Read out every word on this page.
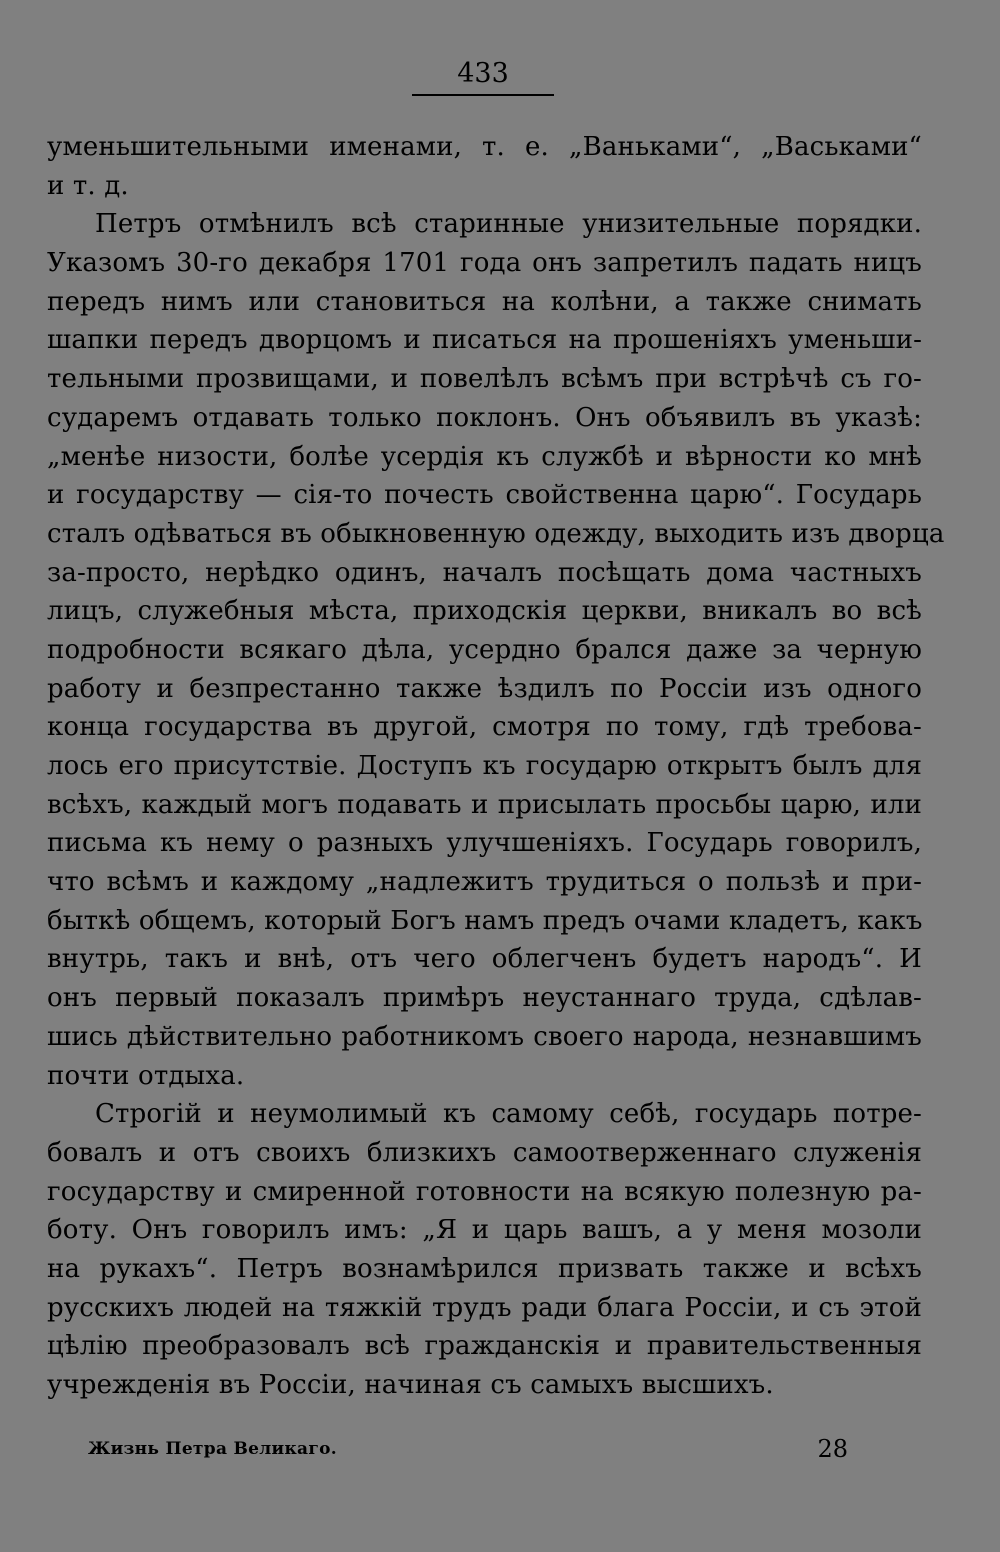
433
уменьшительными именами, т. е. „Ваньками“, „Васьками“
и т. д.
Петръ отмѣнилъ всѣ старинные унизительные порядки.
Указомъ 30-го декабря 1701 года онъ запретилъ падать ницъ
передъ нимъ или становиться на колѣни, а также снимать
шапки передъ дворцомъ и писаться на прошеніяхъ уменьши-
тельными прозвищами, и повелѣлъ всѣмъ при встрѣчѣ съ го-
сударемъ отдавать только поклонъ. Онъ объявилъ въ указѣ:
„менѣе низости, болѣе усердія къ службѣ и вѣрности ко мнѣ
и государству — сія-то почесть свойственна царю“. Государь
сталъ одѣваться въ обыкновенную одежду, выходить изъ дворца
за-просто, нерѣдко одинъ, началъ посѣщать дома частныхъ
лицъ, служебныя мѣста, приходскія церкви, вникалъ во всѣ
подробности всякаго дѣла, усердно брался даже за черную
работу и безпрестанно также ѣздилъ по Россіи изъ одного
конца государства въ другой, смотря по тому, гдѣ требова-
лось его присутствіе. Доступъ къ государю открытъ былъ для
всѣхъ, каждый могъ подавать и присылать просьбы царю, или
письма къ нему о разныхъ улучшеніяхъ. Государь говорилъ,
что всѣмъ и каждому „надлежитъ трудиться о пользѣ и при-
быткѣ общемъ, который Богъ намъ предъ очами кладетъ, какъ
внутрь, такъ и внѣ, отъ чего облегченъ будетъ народъ“. И
онъ первый показалъ примѣръ неустаннаго труда, сдѣлав-
шись дѣйствительно работникомъ своего народа, незнавшимъ
почти отдыха.
Строгій и неумолимый къ самому себѣ, государь потре-
бовалъ и отъ своихъ близкихъ самоотверженнаго служенія
государству и смиренной готовности на всякую полезную ра-
боту. Онъ говорилъ имъ: „Я и царь вашъ, а у меня мозоли
на рукахъ“. Петръ вознамѣрился призвать также и всѣхъ
русскихъ людей на тяжкій трудъ ради блага Россіи, и съ этой
цѣлію преобразовалъ всѣ гражданскія и правительственныя
учрежденія въ Россіи, начиная съ самыхъ высшихъ.
Жизнь Петра Великаго.	28
